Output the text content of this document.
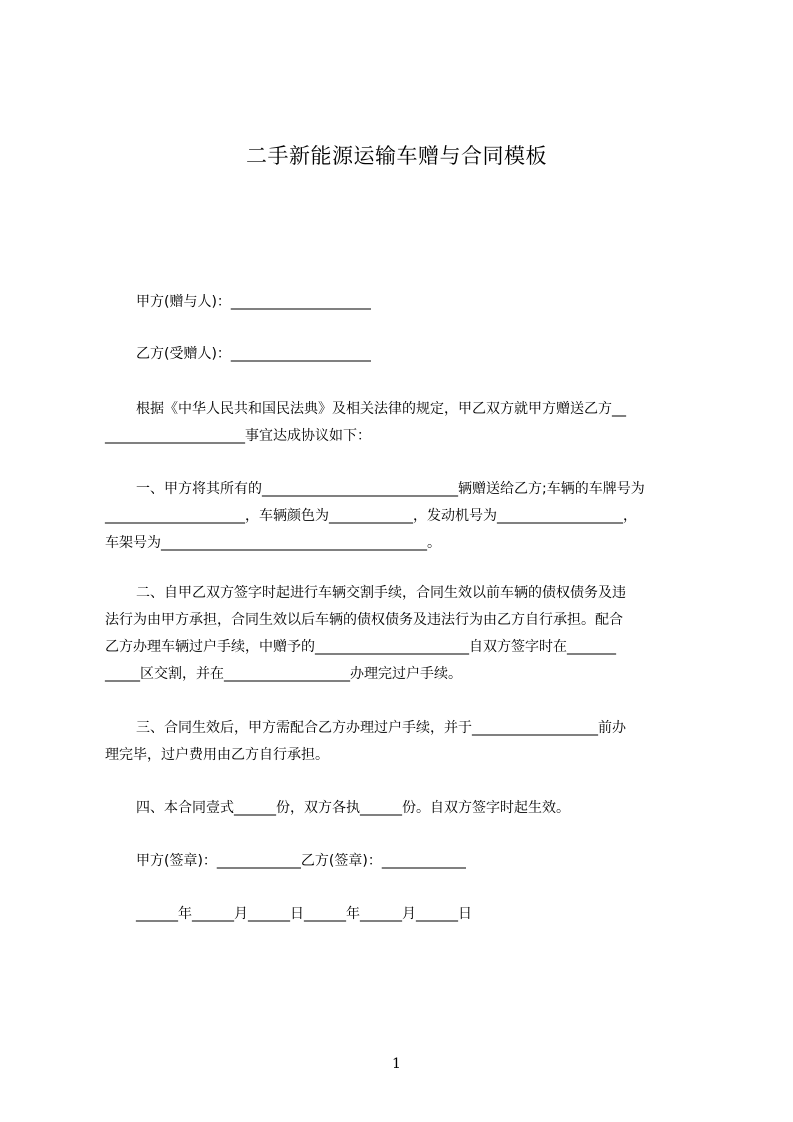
二手新能源运输车赠与合同模板

甲方(赠与人)：____________________

乙方(受赠人)：____________________

根据《中华人民共和国民法典》及相关法律的规定，甲乙双方就甲方赠送乙方__

____________________事宜达成协议如下：

一、甲方将其所有的____________________________辆赠送给乙方;车辆的车牌号为

____________________，车辆颜色为____________，发动机号为__________________，

车架号为______________________________________。

二、自甲乙双方签字时起进行车辆交割手续，合同生效以前车辆的债权债务及违

法行为由甲方承担，合同生效以后车辆的债权债务及违法行为由乙方自行承担。配合

乙方办理车辆过户手续，中赠予的______________________自双方签字时在_______

_____区交割，并在__________________办理完过户手续。

三、合同生效后，甲方需配合乙方办理过户手续，并于__________________前办

理完毕，过户费用由乙方自行承担。

四、本合同壹式______份，双方各执______份。自双方签字时起生效。

甲方(签章)：____________乙方(签章)：____________

______年______月______日______年______月______日

1
